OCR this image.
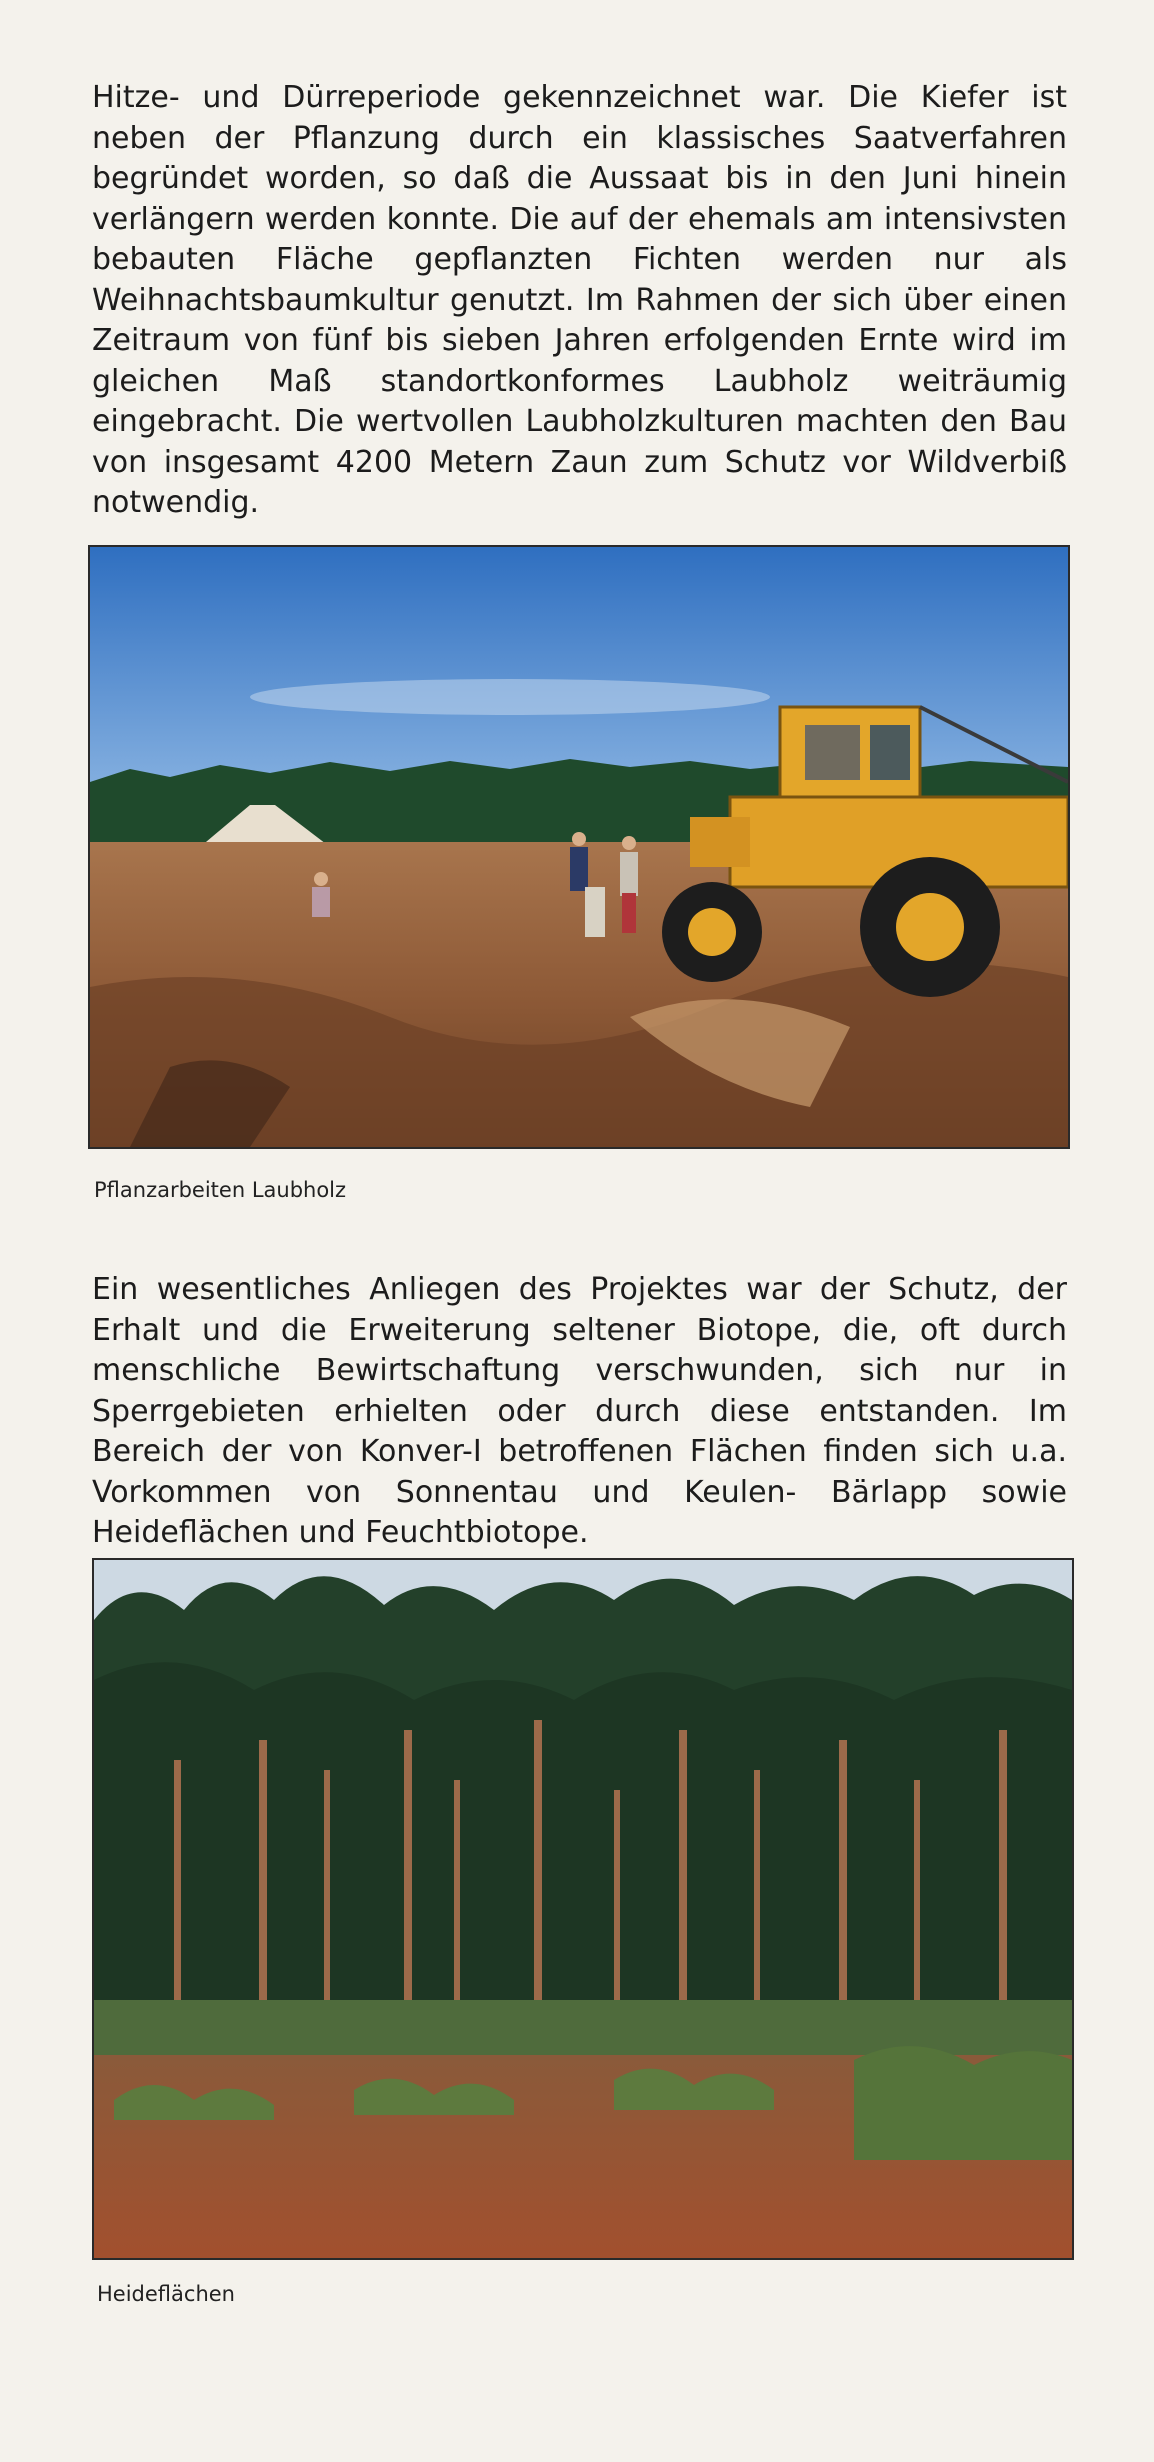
Hitze- und Dürreperiode gekennzeichnet war. Die Kiefer ist neben der Pflanzung durch ein klassisches Saatverfahren begründet worden, so daß die Aussaat bis in den Juni hinein verlängern werden konnte. Die auf der ehemals am intensivsten bebauten Fläche gepflanzten Fichten werden nur als Weihnachtsbaumkultur genutzt. Im Rahmen der sich über einen Zeitraum von fünf bis sieben Jahren erfolgenden Ernte wird im gleichen Maß standortkonformes Laubholz weiträumig eingebracht. Die wertvollen Laubholzkulturen machten den Bau von insgesamt 4200 Metern Zaun zum Schutz vor Wildverbiß notwendig.

Pflanzarbeiten Laubholz

Ein wesentliches Anliegen des Projektes war der Schutz, der Erhalt und die Erweiterung seltener Biotope, die, oft durch menschliche Bewirtschaftung verschwunden, sich nur in Sperrgebieten erhielten oder durch diese entstanden. Im Bereich der von Konver-I betroffenen Flächen finden sich u.a. Vorkommen von Sonnentau und Keulen- Bärlapp sowie Heideflächen und Feuchtbiotope.

Heideflächen
